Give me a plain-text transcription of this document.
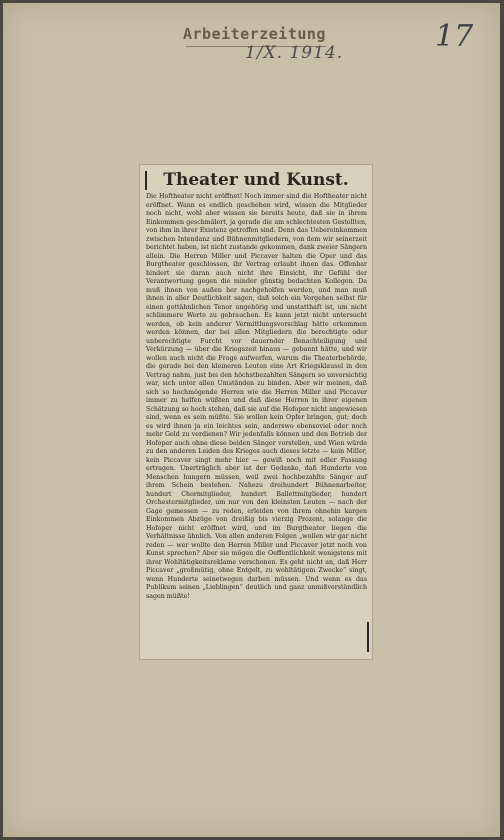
Arbeiterzeitung
1/X. 1914.	17
Theater und Kunst.
Die Hoftheater nicht eröffnet! Noch immer sind die Hoftheater nicht eröffnet. Wann es endlich geschehen wird, wissen die Mitglieder noch nicht, wohl aber wissen sie bereits heute, daß sie in ihrem Einkommen geschmälert, ja gerade die am schlechtesten Gestellten, von ihm in ihrer Existenz getroffen sind. Denn das Uebereinkommen zwischen Intendanz und Bühnenmitgliedern, von dem wir seinerzeit berichtet haben, ist nicht zustande gekommen, dank zweier Sängern allein. Die Herren Miller und Piccaver halten die Oper und das Burgtheater geschlossen, ihr Vertrag erlaubt ihnen das. Offenbar hindert sie daran auch nicht ihre Einsicht, ihr Gefühl der Verantwortung gegen die minder günstig bedachten Kollegen. Da muß ihnen von außen her nachgeholfen werden, und man muß ihnen in aller Deutlichkeit sagen, daß solch ein Vorgehen selbst für einen gottähnlichen Tenor ungehörig und unstatthaft ist, um nicht schlimmere Worte zu gebrauchen. Es kann jetzt nicht untersucht werden, ob kein anderer Vermittlungsvorschlag hätte erkommen werden können, der bei allen Mitgliedern die berechtigte oder unberechtigte Furcht vor dauernder Benachteiligung und Verkürzung — über die Kriegszeit hinaus — gebannt hätte, und wir wollen auch nicht die Frage aufwerfen, warum die Theaterbehörde, die gerade bei den kleineren Leuten eine Art Kriegsklausel in den Vertrag nahm, just bei den höchstbezahlten Sängern so unvorsichtig war, sich unter allen Umständen zu binden. Aber wir meinen, daß sich so hochmögende Herren wie die Herren Miller und Piccaver immer zu helfen wüßten und daß diese Herren in ihrer eigenen Schätzung so hoch stehen, daß sie auf die Hofoper nicht angewiesen sind, wenn es sein müßte. Sie wollen kein Opfer bringen, gut; doch es wird ihnen ja ein leichtes sein, anderswo ebensoviel oder noch mehr Geld zu verdienen? Wir jedenfalls können und den Betrieb der Hofoper auch ohne diese beiden Sänger vorstellen, und Wien würde zu den anderen Leiden des Krieges auch dieses letzte — kein Miller, kein Piccaver singt mehr hier — gewiß noch mit edler Fassung ertragen. Unerträglich aber ist der Gedanke, daß Hunderte von Menschen hungern müssen, weil zwei hochbezahlte Sänger auf ihrem Schein bestehen. Nahezu dreihundert Bühnenarbeiter, hundert Chormitglieder, hundert Ballettmitglieder, hundert Orchestermitglieder, um nur von den kleinsten Leuten — nach der Gage gemessen — zu reden, erleiden von ihrem ohnehin kargen Einkommen Abzüge von dreißig bis vierzig Prozent, solange die Hofoper nicht eröffnet wird, und im Burgtheater liegen die Verhältnisse ähnlich. Von allen anderen Folgen „wollen wir gar nicht reden — wer wollte den Herren Miller und Piccaver jetzt noch von Kunst sprechen? Aber sie mögen die Oeffentlichkeit wenigstens mit ihrer Wohltätigkeitsreklame verschonen. Es geht nicht an, daß Herr Piccaver „großmütig, ohne Entgelt, zu wohltätigem Zwecke“ singt, wenn Hunderte seinetwegen darben müssen. Und wenn es das Publikum seinen „Lieblingen“ deutlich und ganz unmißverständlich sagen müßte!
